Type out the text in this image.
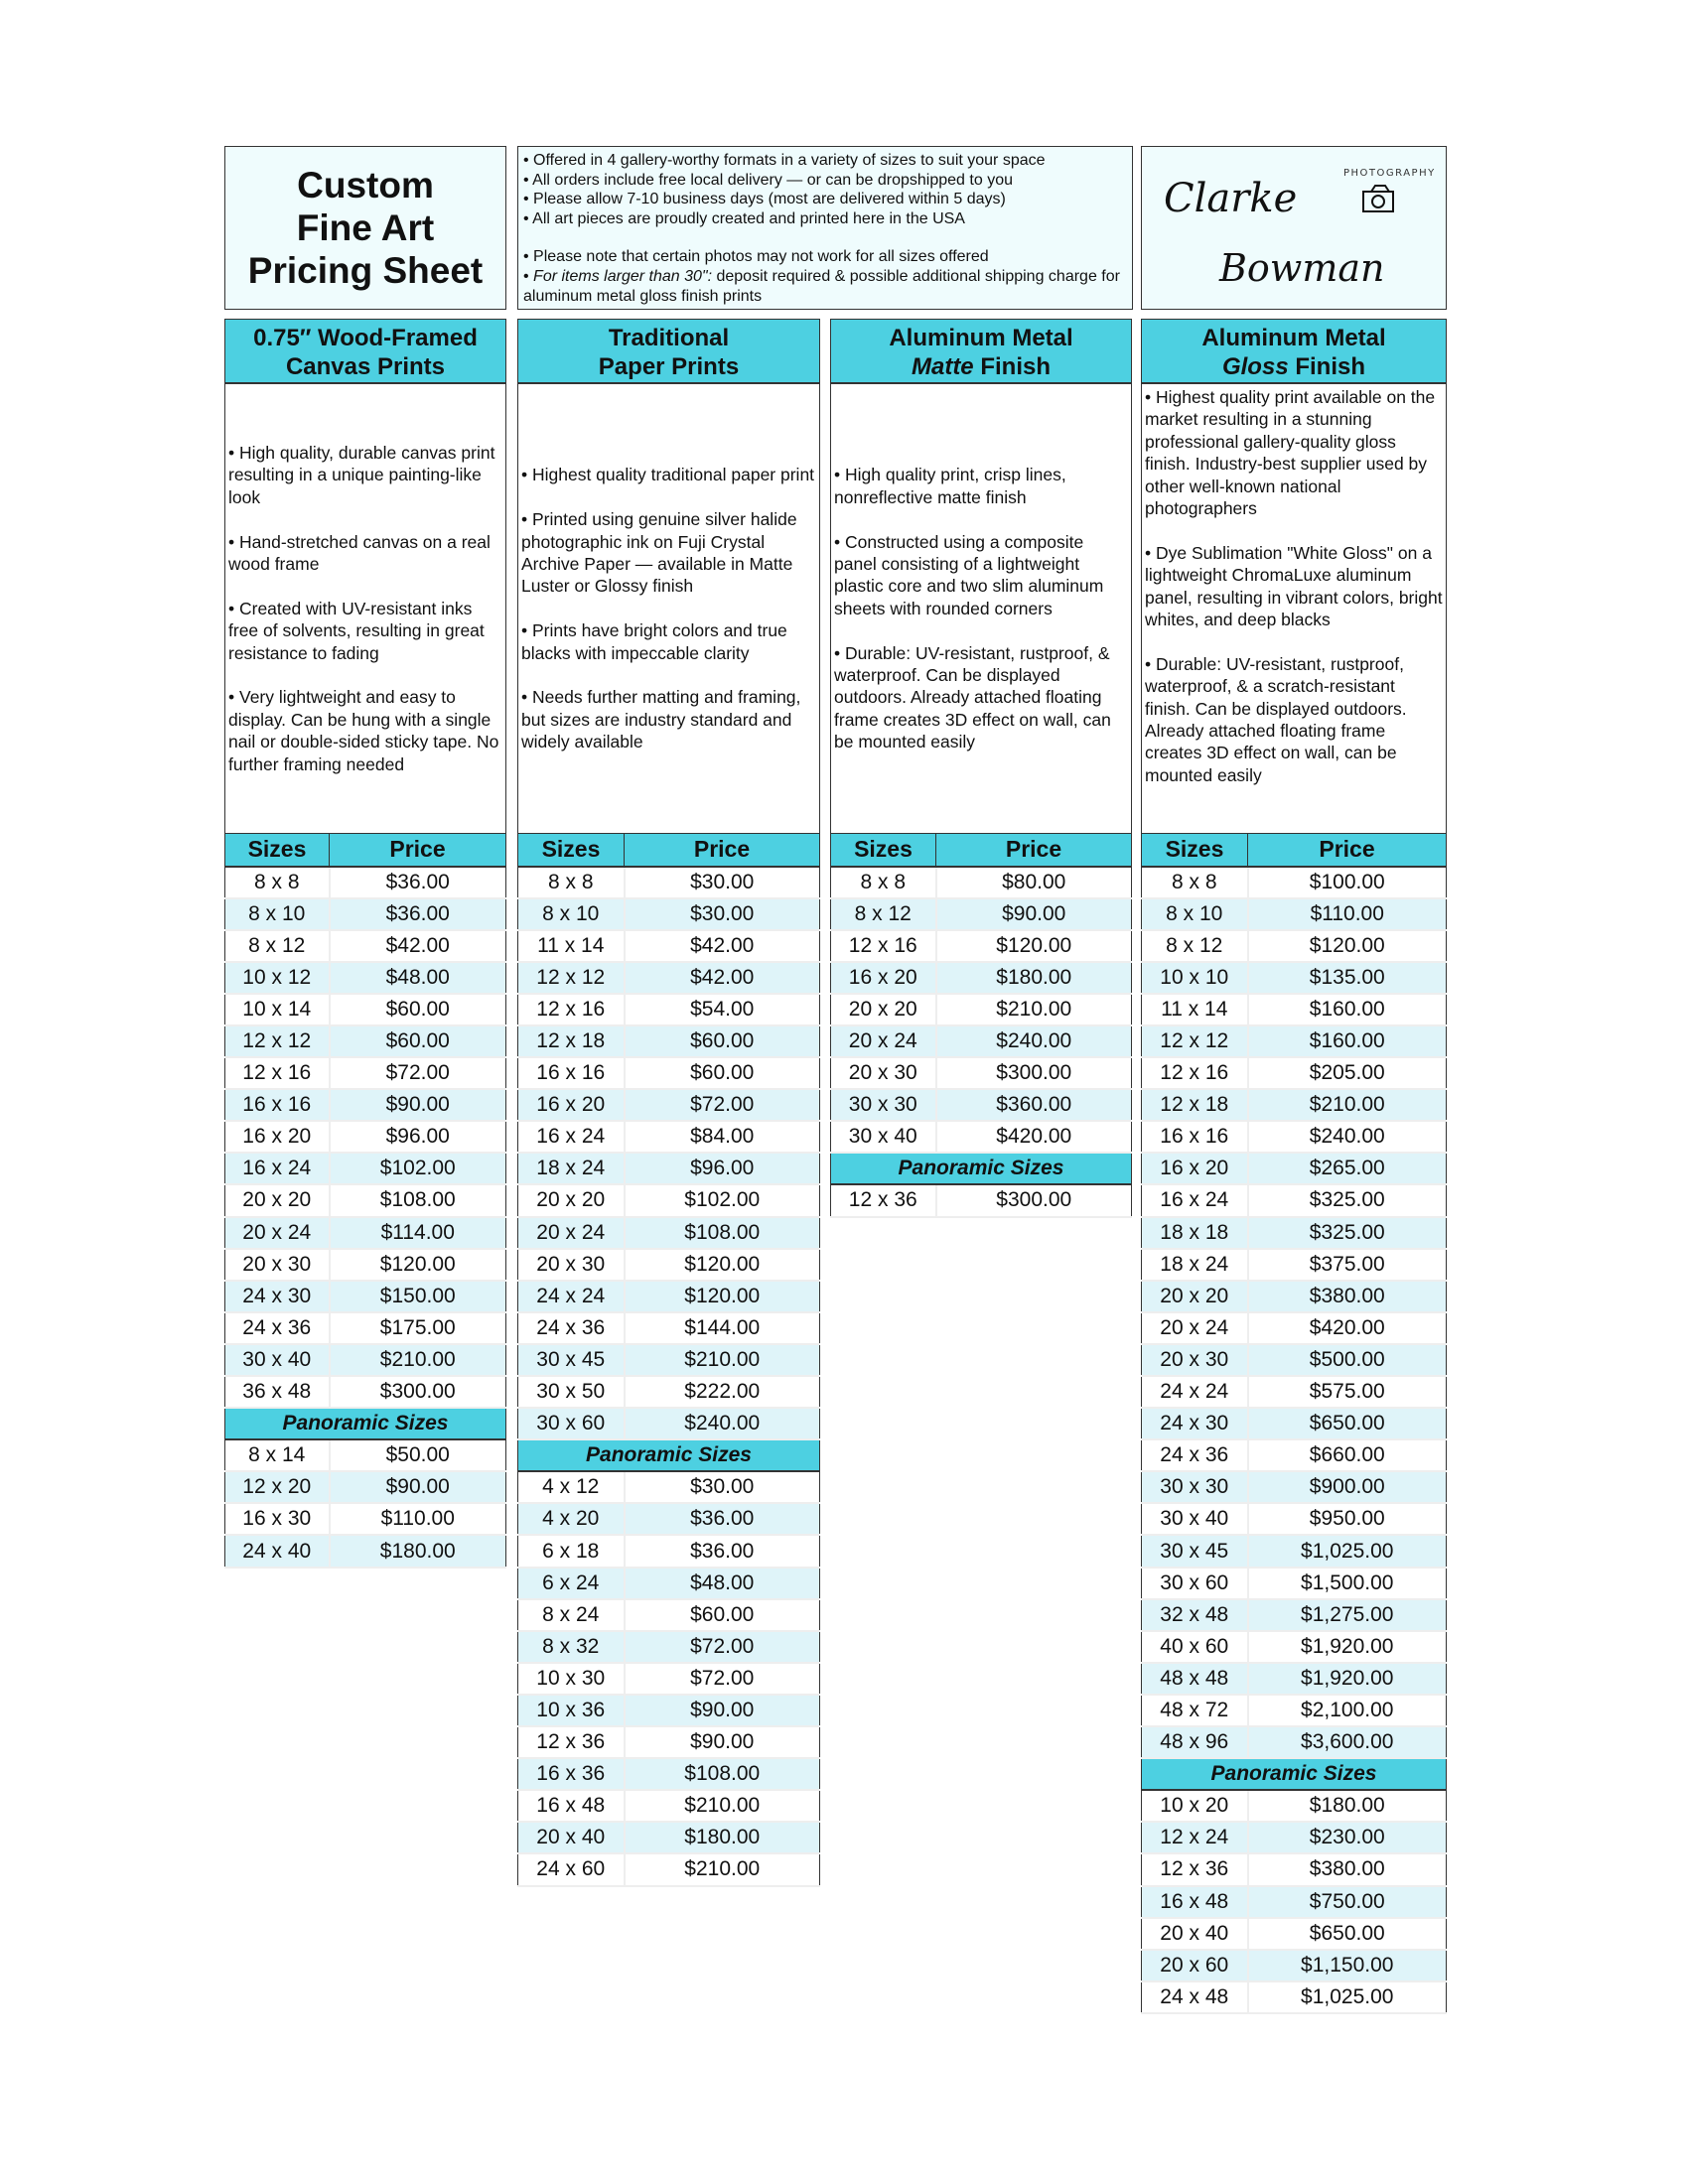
Custom
Fine Art
Pricing Sheet
• Offered in 4 gallery-worthy formats in a variety of sizes to suit your space
• All orders include free local delivery — or can be dropshipped to you
• Please allow 7-10 business days (most are delivered within 5 days)
• All art pieces are proudly created and printed here in the USA
• Please note that certain photos may not work for all sizes offered
• For items larger than 30": deposit required & possible additional shipping charge for aluminum metal gloss finish prints
Clarke
PHOTOGRAPHY
Bowman
0.75″ Wood-Framed
Canvas Prints

• High quality, durable canvas print resulting in a unique painting-like look

• Hand-stretched canvas on a real wood frame

• Created with UV-resistant inks free of solvents, resulting in great resistance to fading

• Very lightweight and easy to display. Can be hung with a single nail or double-sided sticky tape. No further framing needed

Sizes	Price
8 x 8	$36.00
8 x 10	$36.00
8 x 12	$42.00
10 x 12	$48.00
10 x 14	$60.00
12 x 12	$60.00
12 x 16	$72.00
16 x 16	$90.00
16 x 20	$96.00
16 x 24	$102.00
20 x 20	$108.00
20 x 24	$114.00
20 x 30	$120.00
24 x 30	$150.00
24 x 36	$175.00
30 x 40	$210.00
36 x 48	$300.00
Panoramic Sizes	
8 x 14	$50.00
12 x 20	$90.00
16 x 30	$110.00
24 x 40	$180.00
Traditional
Paper Prints

• Highest quality traditional paper print

• Printed using genuine silver halide photographic ink on Fuji Crystal Archive Paper — available in Matte Luster or Glossy finish

• Prints have bright colors and true blacks with impeccable clarity

• Needs further matting and framing, but sizes are industry standard and widely available

Sizes	Price
8 x 8	$30.00
8 x 10	$30.00
11 x 14	$42.00
12 x 12	$42.00
12 x 16	$54.00
12 x 18	$60.00
16 x 16	$60.00
16 x 20	$72.00
16 x 24	$84.00
18 x 24	$96.00
20 x 20	$102.00
20 x 24	$108.00
20 x 30	$120.00
24 x 24	$120.00
24 x 36	$144.00
30 x 45	$210.00
30 x 50	$222.00
30 x 60	$240.00
Panoramic Sizes	
4 x 12	$30.00
4 x 20	$36.00
6 x 18	$36.00
6 x 24	$48.00
8 x 24	$60.00
8 x 32	$72.00
10 x 30	$72.00
10 x 36	$90.00
12 x 36	$90.00
16 x 36	$108.00
16 x 48	$210.00
20 x 40	$180.00
24 x 60	$210.00
Aluminum Metal
Matte Finish

• High quality print, crisp lines, nonreflective matte finish

• Constructed using a composite panel consisting of a lightweight plastic core and two slim aluminum sheets with rounded corners

• Durable: UV-resistant, rustproof, & waterproof. Can be displayed outdoors. Already attached floating frame creates 3D effect on wall, can be mounted easily

Sizes	Price
8 x 8	$80.00
8 x 12	$90.00
12 x 16	$120.00
16 x 20	$180.00
20 x 20	$210.00
20 x 24	$240.00
20 x 30	$300.00
30 x 30	$360.00
30 x 40	$420.00
Panoramic Sizes	
12 x 36	$300.00
Aluminum Metal
Gloss Finish

• Highest quality print available on the market resulting in a stunning professional gallery-quality gloss finish. Industry-best supplier used by other well-known national photographers

• Dye Sublimation "White Gloss" on a lightweight ChromaLuxe aluminum panel, resulting in vibrant colors, bright whites, and deep blacks

• Durable: UV-resistant, rustproof, waterproof, & a scratch-resistant finish. Can be displayed outdoors. Already attached floating frame creates 3D effect on wall, can be mounted easily

Sizes	Price
8 x 8	$100.00
8 x 10	$110.00
8 x 12	$120.00
10 x 10	$135.00
11 x 14	$160.00
12 x 12	$160.00
12 x 16	$205.00
12 x 18	$210.00
16 x 16	$240.00
16 x 20	$265.00
16 x 24	$325.00
18 x 18	$325.00
18 x 24	$375.00
20 x 20	$380.00
20 x 24	$420.00
20 x 30	$500.00
24 x 24	$575.00
24 x 30	$650.00
24 x 36	$660.00
30 x 30	$900.00
30 x 40	$950.00
30 x 45	$1,025.00
30 x 60	$1,500.00
32 x 48	$1,275.00
40 x 60	$1,920.00
48 x 48	$1,920.00
48 x 72	$2,100.00
48 x 96	$3,600.00
Panoramic Sizes	
10 x 20	$180.00
12 x 24	$230.00
12 x 36	$380.00
16 x 48	$750.00
20 x 40	$650.00
20 x 60	$1,150.00
24 x 48	$1,025.00
